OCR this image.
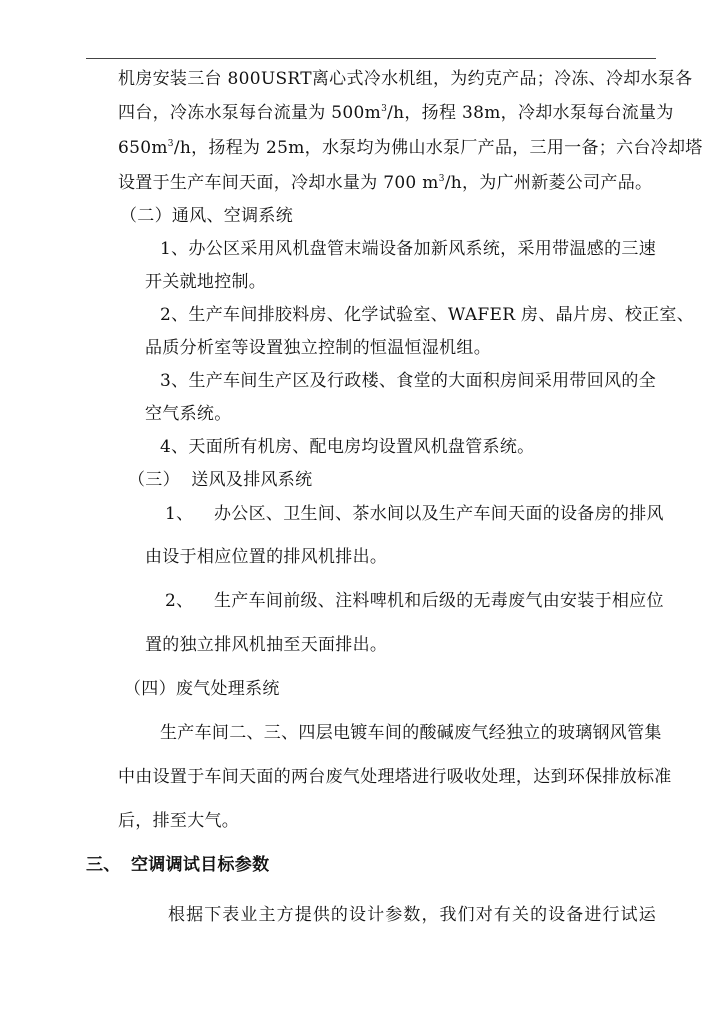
机房安装三台 800USRT离心式冷水机组，为约克产品；冷冻、冷却水泵各
四台，冷冻水泵每台流量为 $500m^3/h$，扬程 38m，冷却水泵每台流量为
$650m^3/h$，扬程为 25m，水泵均为佛山水泵厂产品，三用一备；六台冷却塔
设置于生产车间天面，冷却水量为 700 $m^3/h$，为广州新菱公司产品。
（二）通风、空调系统
1、办公区采用风机盘管末端设备加新风系统，采用带温感的三速
开关就地控制。
2、生产车间排胶料房、化学试验室、WAFER 房、晶片房、校正室、
品质分析室等设置独立控制的恒温恒湿机组。
3、生产车间生产区及行政楼、食堂的大面积房间采用带回风的全
空气系统。
4、天面所有机房、配电房均设置风机盘管系统。
（三）  送风及排风系统
1、 办公区、卫生间、茶水间以及生产车间天面的设备房的排风
由设于相应位置的排风机排出。
2、 生产车间前级、注料啤机和后级的无毒废气由安装于相应位
置的独立排风机抽至天面排出。
（四）废气处理系统
生产车间二、三、四层电镀车间的酸碱废气经独立的玻璃钢风管集
中由设置于车间天面的两台废气处理塔进行吸收处理，达到环保排放标准
后，排至大气。
三、 空调调试目标参数
根据下表业主方提供的设计参数，我们对有关的设备进行试运
